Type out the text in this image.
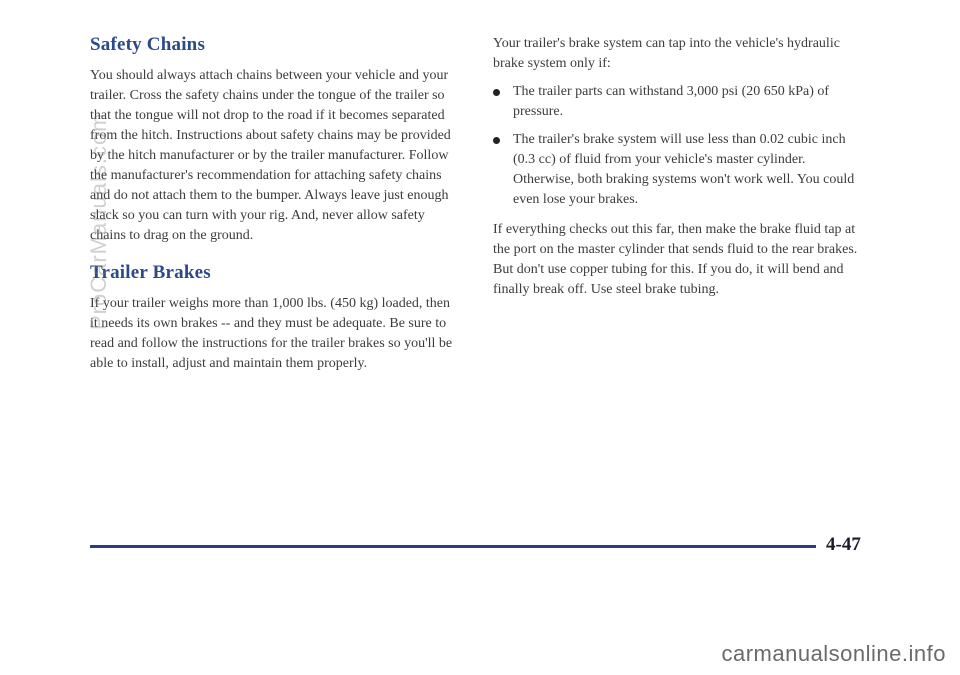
Safety Chains

You should always attach chains between your vehicle and your trailer. Cross the safety chains under the tongue of the trailer so that the tongue will not drop to the road if it becomes separated from the hitch. Instructions about safety chains may be provided by the hitch manufacturer or by the trailer manufacturer. Follow the manufacturer's recommendation for attaching safety chains and do not attach them to the bumper. Always leave just enough slack so you can turn with your rig. And, never allow safety chains to drag on the ground.

Trailer Brakes

If your trailer weighs more than 1,000 lbs. (450 kg) loaded, then it needs its own brakes -- and they must be adequate. Be sure to read and follow the instructions for the trailer brakes so you'll be able to install, adjust and maintain them properly.

Your trailer's brake system can tap into the vehicle's hydraulic brake system only if:

The trailer parts can withstand 3,000 psi (20 650 kPa) of pressure.
The trailer's brake system will use less than 0.02 cubic inch (0.3 cc) of fluid from your vehicle's master cylinder. Otherwise, both braking systems won't work well. You could even lose your brakes.

If everything checks out this far, then make the brake fluid tap at the port on the master cylinder that sends fluid to the rear brakes. But don't use copper tubing for this. If you do, it will bend and finally break off. Use steel brake tubing.

4-47
ProCarManuals.com
carmanualsonline.info
